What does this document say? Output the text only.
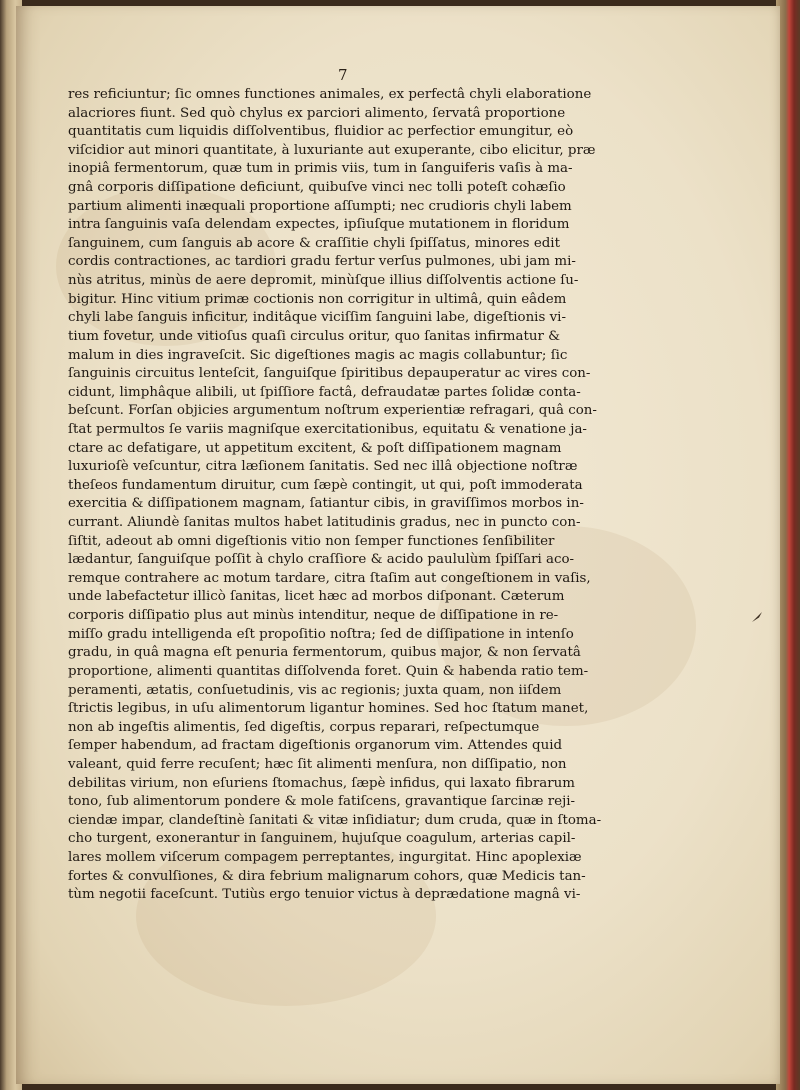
7
res reficiuntur; ſic omnes functiones animales, ex perfectâ chyli elaboratione
alacriores fiunt. Sed quò chylus ex parciori alimento, ſervatâ proportione
quantitatis cum liquidis diſſolventibus, fluidior ac perfectior emungitur, eò
viſcidior aut minori quantitate, à luxuriante aut exuperante, cibo elicitur, præ
inopiâ fermentorum, quæ tum in primis viis, tum in ſanguiferis vaſis à ma-
gnâ corporis diſſipatione deficiunt, quibuſve vinci nec tolli poteſt cohæſio
partium alimenti inæquali proportione aſſumpti; nec crudioris chyli labem
intra ſanguinis vaſa delendam expectes, ipſiuſque mutationem in floridum
ſanguinem, cum ſanguis ab acore & craſſitie chyli ſpiſſatus, minores edit
cordis contractiones, ac tardiori gradu fertur verſus pulmones, ubi jam mi-
nùs atritus, minùs de aere depromit, minùſque illius diſſolventis actione ſu-
bigitur. Hinc vitium primæ coctionis non corrigitur in ultimâ, quin eâdem
chyli labe ſanguis inficitur, inditâque viciſſim ſanguini labe, digeſtionis vi-
tium fovetur, unde vitioſus quaſi circulus oritur, quo ſanitas infirmatur &
malum in dies ingraveſcit. Sic digeſtiones magis ac magis collabuntur; ſic
ſanguinis circuitus lenteſcit, ſanguiſque ſpiritibus depauperatur ac vires con-
cidunt, limphâque alibili, ut ſpiſſiore factâ, defraudatæ partes ſolidæ conta-
beſcunt. Forſan objicies argumentum noſtrum experientiæ refragari, quâ con-
ſtat permultos ſe variis magniſque exercitationibus, equitatu & venatione ja-
ctare ac defatigare, ut appetitum excitent, & poſt diſſipationem magnam
luxurioſè veſcuntur, citra læſionem ſanitatis. Sed nec illâ objectione noſtræ
theſeos fundamentum diruitur, cum ſæpè contingit, ut qui, poſt immoderata
exercitia & diſſipationem magnam, ſatiantur cibis, in graviſſimos morbos in-
currant. Aliundè ſanitas multos habet latitudinis gradus, nec in puncto con-
ſiſtit, adeout ab omni digeſtionis vitio non ſemper functiones ſenſibiliter
lædantur, ſanguiſque poſſit à chylo craſſiore & acido paululùm ſpiſſari aco-
remque contrahere ac motum tardare, citra ſtaſim aut congeſtionem in vaſis,
unde labefactetur illicò ſanitas, licet hæc ad morbos diſponant. Cæterum
corporis diſſipatio plus aut minùs intenditur, neque de diſſipatione in re-
miſſo gradu intelligenda eſt propoſitio noſtra; ſed de diſſipatione in intenſo
gradu, in quâ magna eſt penuria fermentorum, quibus major, & non ſervatâ
proportione, alimenti quantitas diſſolvenda foret. Quin & habenda ratio tem-
peramenti, ætatis, conſuetudinis, vis ac regionis; juxta quam, non iiſdem
ſtrictis legibus, in uſu alimentorum ligantur homines. Sed hoc ſtatum manet,
non ab ingeſtis alimentis, ſed digeſtis, corpus reparari, reſpectumque
ſemper habendum, ad fractam digeſtionis organorum vim. Attendes quid
valeant, quid ferre recuſent; hæc ſit alimenti menſura, non diſſipatio, non
debilitas virium, non eſuriens ſtomachus, ſæpè infidus, qui laxato fibrarum
tono, ſub alimentorum pondere & mole fatiſcens, gravantique ſarcinæ reji-
ciendæ impar, clandeſtinè ſanitati & vitæ inſidiatur; dum cruda, quæ in ſtoma-
cho turgent, exonerantur in ſanguinem, hujuſque coagulum, arterias capil-
lares mollem viſcerum compagem perreptantes, ingurgitat. Hinc apoplexiæ
fortes & convulſiones, & dira febrium malignarum cohors, quæ Medicis tan-
tùm negotii faceſcunt. Tutiùs ergo tenuior victus à deprædatione magnâ vi-
